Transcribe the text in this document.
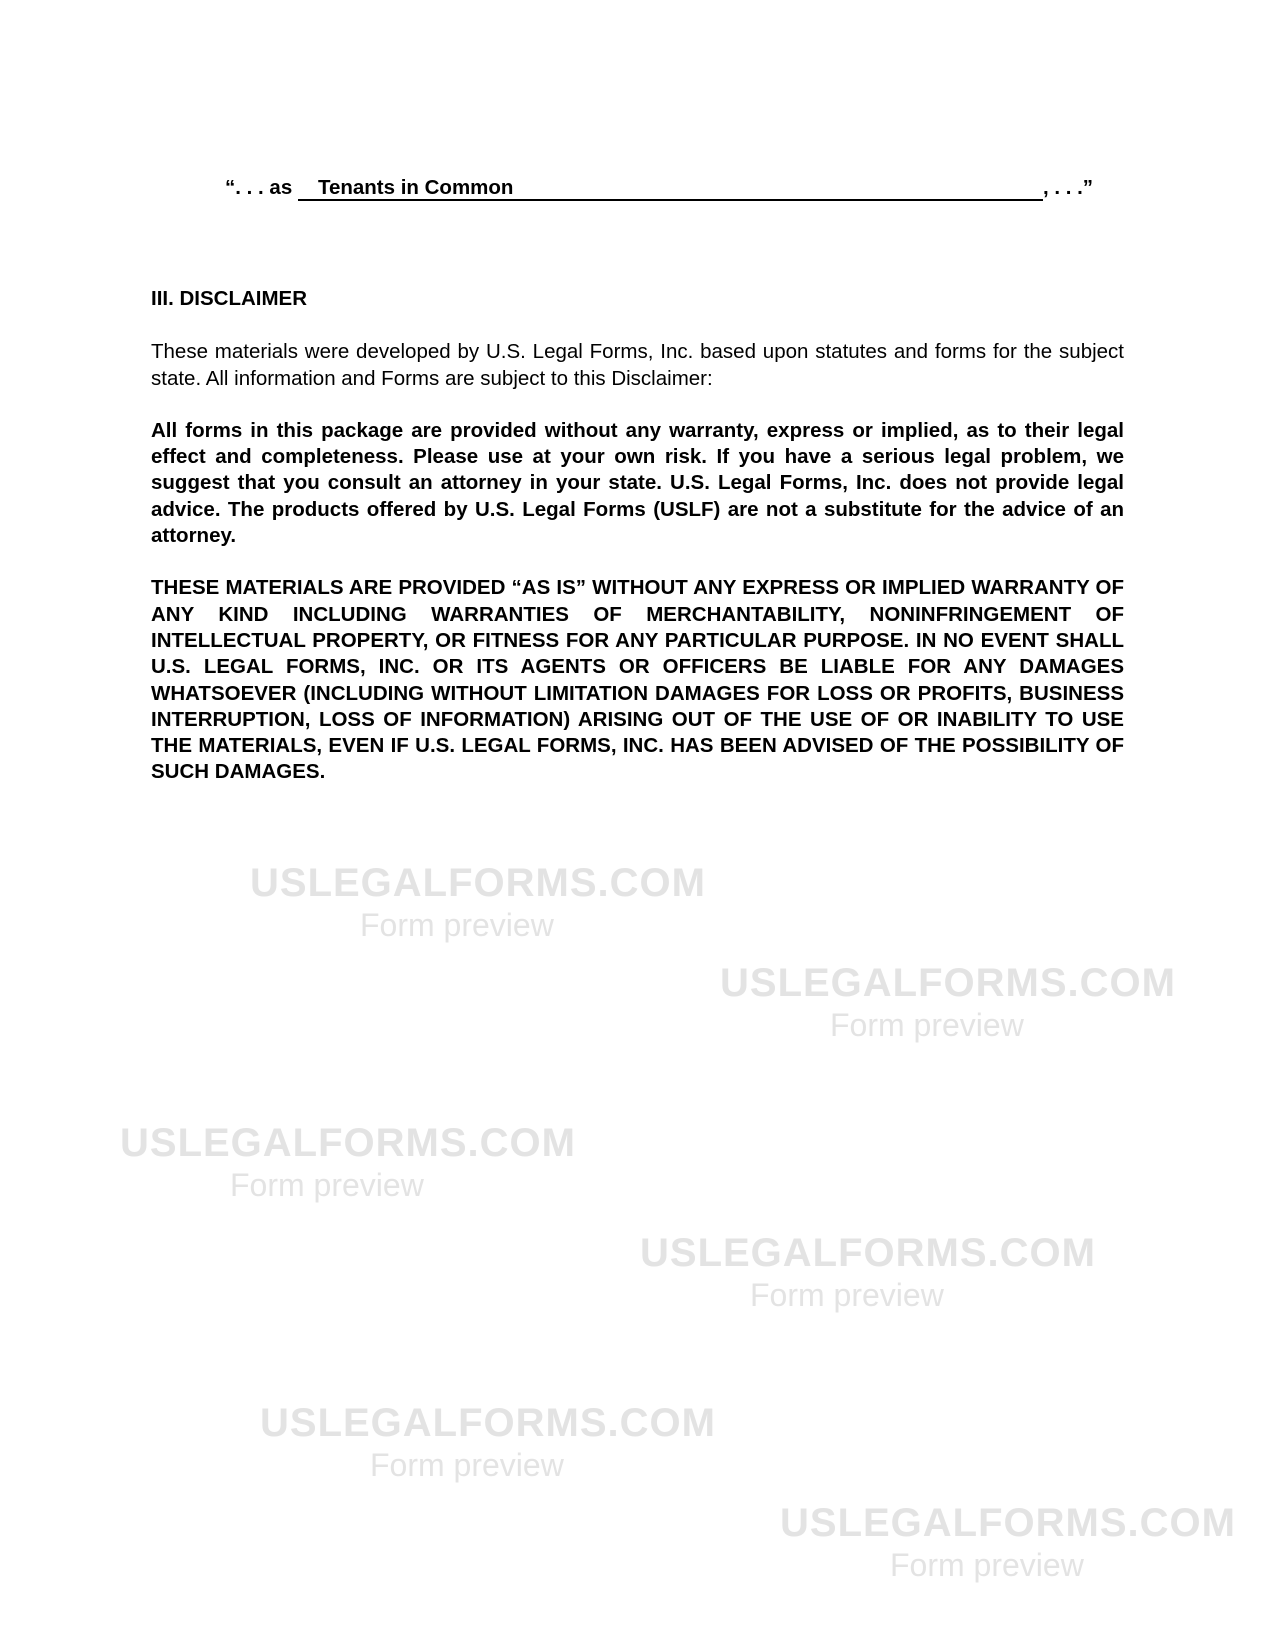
USLEGALFORMS.COM
Form preview
USLEGALFORMS.COM
Form preview
USLEGALFORMS.COM
Form preview
USLEGALFORMS.COM
Form preview
USLEGALFORMS.COM
Form preview
USLEGALFORMS.COM
Form preview
“. . . as Tenants in Common	, . . .”
III. DISCLAIMER
These materials were developed by U.S. Legal Forms, Inc. based upon statutes and forms for the subject state. All information and Forms are subject to this Disclaimer:
All forms in this package are provided without any warranty, express or implied, as to their legal effect and completeness. Please use at your own risk. If you have a serious legal problem, we suggest that you consult an attorney in your state. U.S. Legal Forms, Inc. does not provide legal advice. The products offered by U.S. Legal Forms (USLF) are not a substitute for the advice of an attorney.
THESE MATERIALS ARE PROVIDED “AS IS” WITHOUT ANY EXPRESS OR IMPLIED WARRANTY OF ANY KIND INCLUDING WARRANTIES OF MERCHANTABILITY, NONINFRINGEMENT OF INTELLECTUAL PROPERTY, OR FITNESS FOR ANY PARTICULAR PURPOSE. IN NO EVENT SHALL U.S. LEGAL FORMS, INC. OR ITS AGENTS OR OFFICERS BE LIABLE FOR ANY DAMAGES WHATSOEVER (INCLUDING WITHOUT LIMITATION DAMAGES FOR LOSS OR PROFITS, BUSINESS INTERRUPTION, LOSS OF INFORMATION) ARISING OUT OF THE USE OF OR INABILITY TO USE THE MATERIALS, EVEN IF U.S. LEGAL FORMS, INC. HAS BEEN ADVISED OF THE POSSIBILITY OF SUCH DAMAGES.
